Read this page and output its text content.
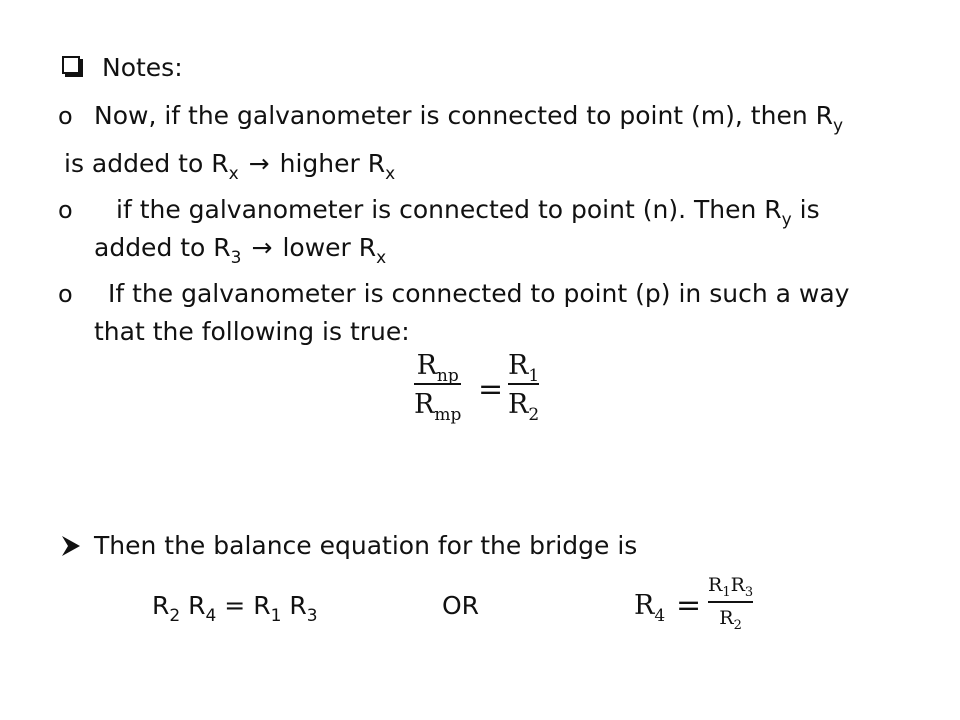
Notes:
o Now, if the galvanometer is connected to point (m), then $R_y$
is added to $R_x$ → higher $R_x$
o if the galvanometer is connected to point (n). Then $R_y$ is
added to $R_3$ → lower $R_x$
o If the galvanometer is connected to point (p) in such a way
that the following is true:
$R_{np}$
$R_{mp}$
=
$R_1$
$R_2$
Then the balance equation for the bridge is
$R_2$ $R_4 = R_1$ $R_3$	OR	$R_4$ =
$R_1R_3$
$R_2$
